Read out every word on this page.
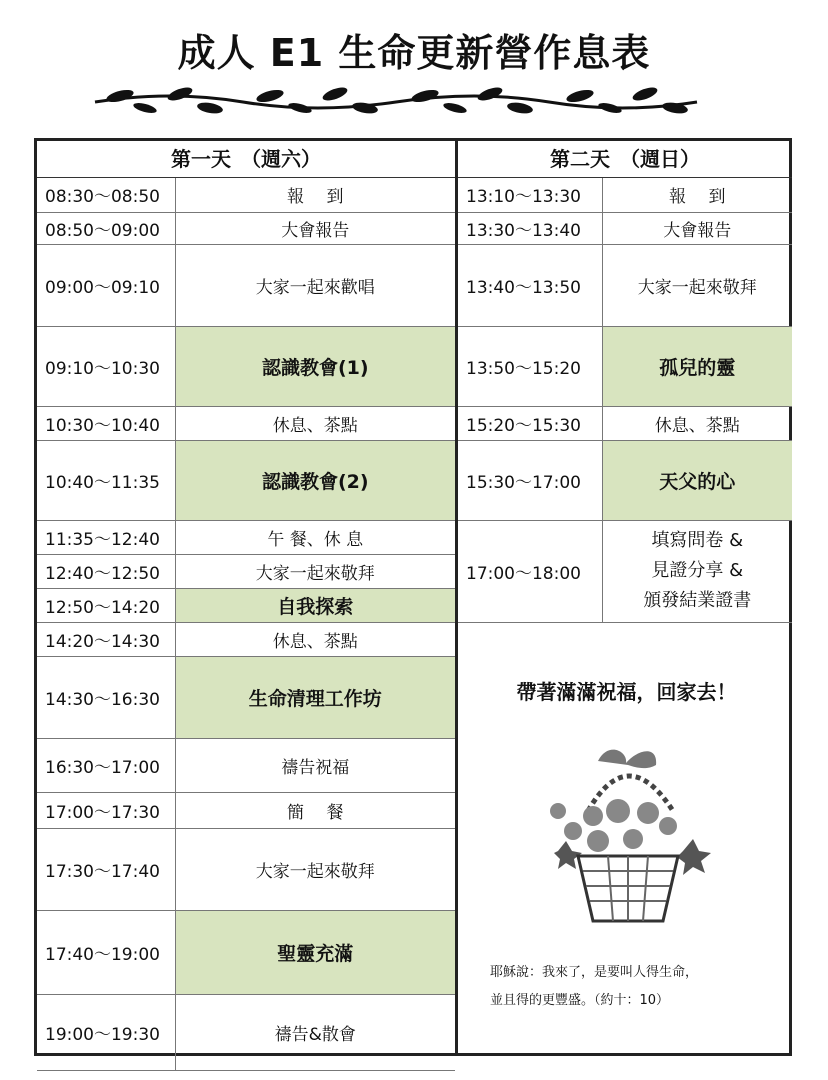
成人 E1 生命更新營作息表
第一天　（週六）
08:30～08:50	報　 到
08:50～09:00	大會報告
09:00～09:10	大家一起來歡唱
09:10～10:30	認識教會(1)
10:30～10:40	休息、茶點
10:40～11:35	認識教會(2)
11:35～12:40	午 餐、休 息
12:40～12:50	大家一起來敬拜
12:50～14:20	自我探索
14:20～14:30	休息、茶點
14:30～16:30	生命清理工作坊
16:30～17:00	禱告祝福
17:00～17:30	簡　 餐
17:30～17:40	大家一起來敬拜
17:40～19:00	聖靈充滿
19:00～19:30	禱告&散會
第二天　（週日）
13:10～13:30	報　 到
13:30～13:40	大會報告
13:40～13:50	大家一起來敬拜
13:50～15:20	孤兒的靈
15:20～15:30	休息、茶點
15:30～17:00	天父的心
17:00～18:00	填寫問卷 &
見證分享 &
頒發結業證書
帶著滿滿祝福，回家去！
耶穌說：我來了，是要叫人得生命，
並且得的更豐盛。（約十：10）
